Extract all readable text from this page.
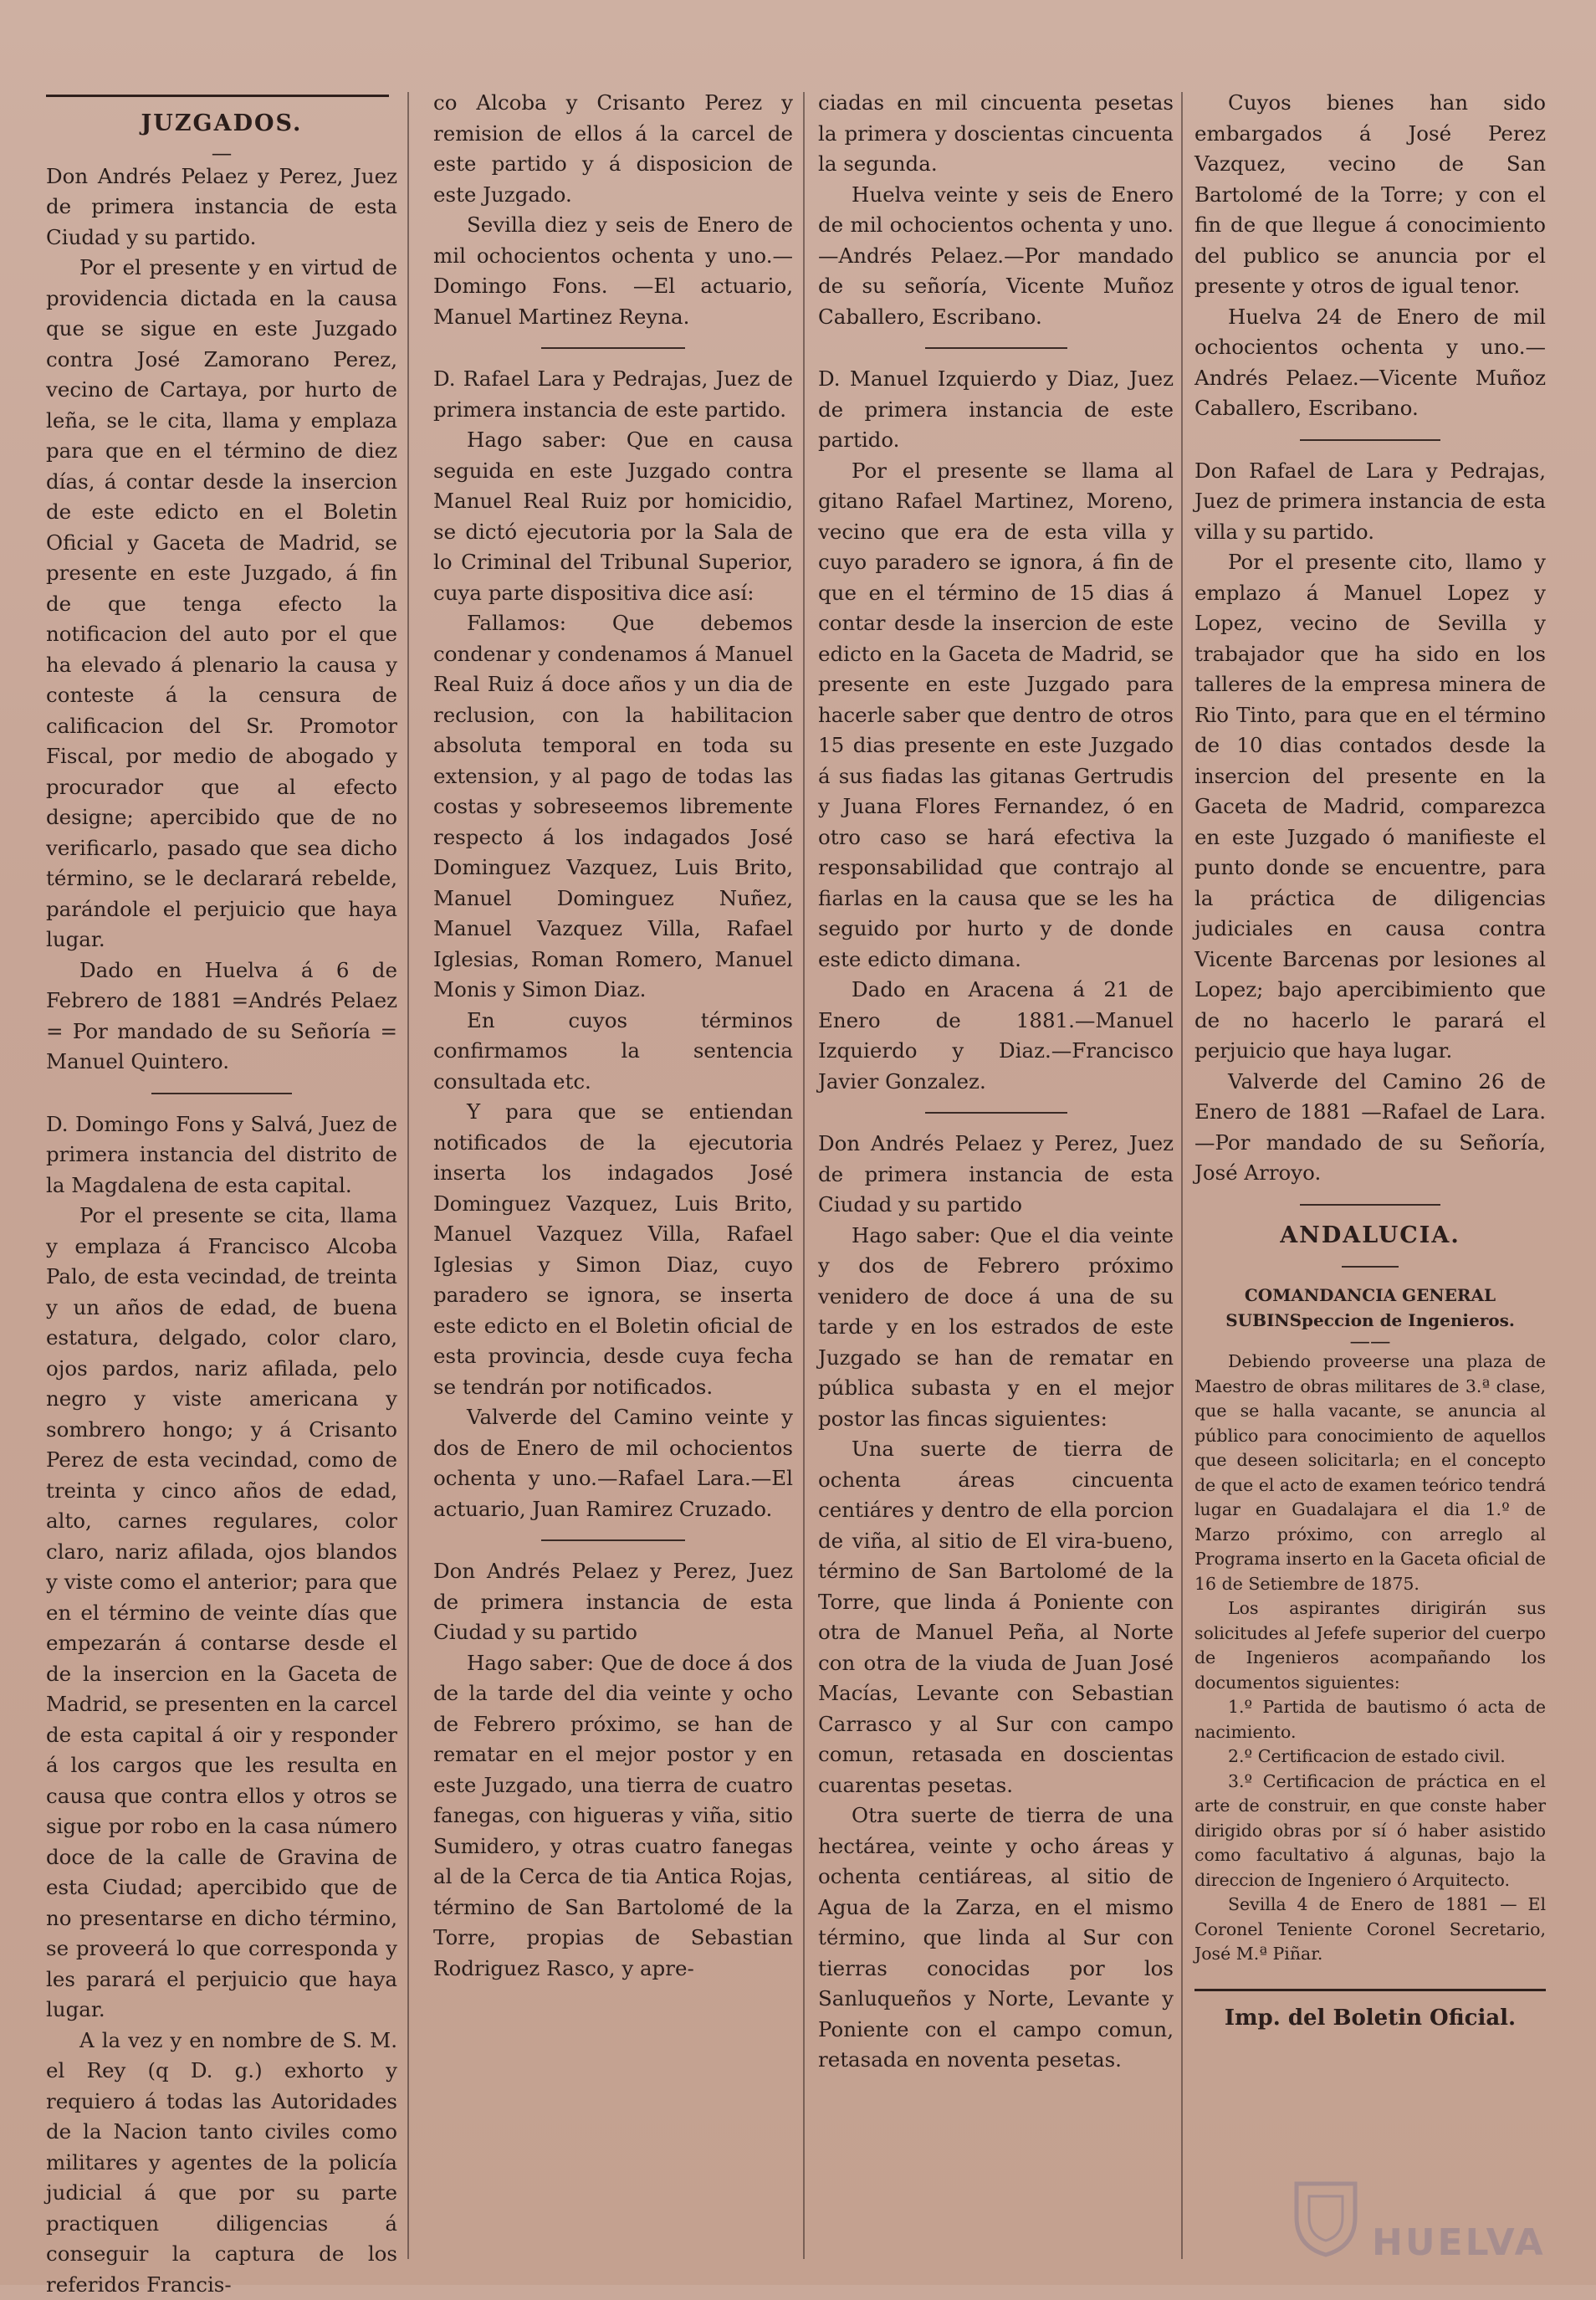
JUZGADOS.
—

Don Andrés Pelaez y Perez, Juez de primera instancia de esta Ciudad y su partido.

Por el presente y en virtud de providencia dictada en la causa que se sigue en este Juzgado contra José Zamorano Perez, vecino de Cartaya, por hurto de leña, se le cita, llama y emplaza para que en el término de diez días, á contar desde la insercion de este edicto en el Boletin Oficial y Gaceta de Madrid, se presente en este Juzgado, á fin de que tenga efecto la notificacion del auto por el que ha elevado á plenario la causa y conteste á la censura de calificacion del Sr. Promotor Fiscal, por medio de abogado y procurador que al efecto designe; apercibido que de no verificarlo, pasado que sea dicho término, se le declarará rebelde, parándole el perjuicio que haya lugar.

Dado en Huelva á 6 de Febrero de 1881 =Andrés Pelaez = Por mandado de su Señoría = Manuel Quintero.

D. Domingo Fons y Salvá, Juez de primera instancia del distrito de la Magdalena de esta capital.

Por el presente se cita, llama y emplaza á Francisco Alcoba Palo, de esta vecindad, de treinta y un años de edad, de buena estatura, delgado, color claro, ojos pardos, nariz afilada, pelo negro y viste americana y sombrero hongo; y á Crisanto Perez de esta vecindad, como de treinta y cinco años de edad, alto, carnes regulares, color claro, nariz afilada, ojos blandos y viste como el anterior; para que en el término de veinte días que empezarán á contarse desde el de la insercion en la Gaceta de Madrid, se presenten en la carcel de esta capital á oir y responder á los cargos que les resulta en causa que contra ellos y otros se sigue por robo en la casa número doce de la calle de Gravina de esta Ciudad; apercibido que de no presentarse en dicho término, se proveerá lo que corresponda y les parará el perjuicio que haya lugar.

A la vez y en nombre de S. M. el Rey (q D. g.) exhorto y requiero á todas las Autoridades de la Nacion tanto civiles como militares y agentes de la policía judicial á que por su parte practiquen diligencias á conseguir la captura de los referidos Francis-

co Alcoba y Crisanto Perez y remision de ellos á la carcel de este partido y á disposicion de este Juzgado.

Sevilla diez y seis de Enero de mil ochocientos ochenta y uno.—Domingo Fons. —El actuario, Manuel Martinez Reyna.

D. Rafael Lara y Pedrajas, Juez de primera instancia de este partido.

Hago saber: Que en causa seguida en este Juzgado contra Manuel Real Ruiz por homicidio, se dictó ejecutoria por la Sala de lo Criminal del Tribunal Superior, cuya parte dispositiva dice así:

Fallamos: Que debemos condenar y condenamos á Manuel Real Ruiz á doce años y un dia de reclusion, con la habilitacion absoluta temporal en toda su extension, y al pago de todas las costas y sobreseemos libremente respecto á los indagados José Dominguez Vazquez, Luis Brito, Manuel Dominguez Nuñez, Manuel Vazquez Villa, Rafael Iglesias, Roman Romero, Manuel Monis y Simon Diaz.

En cuyos términos confirmamos la sentencia consultada etc.

Y para que se entiendan notificados de la ejecutoria inserta los indagados José Dominguez Vazquez, Luis Brito, Manuel Vazquez Villa, Rafael Iglesias y Simon Diaz, cuyo paradero se ignora, se inserta este edicto en el Boletin oficial de esta provincia, desde cuya fecha se tendrán por notificados.

Valverde del Camino veinte y dos de Enero de mil ochocientos ochenta y uno.—Rafael Lara.—El actuario, Juan Ramirez Cruzado.

Don Andrés Pelaez y Perez, Juez de primera instancia de esta Ciudad y su partido

Hago saber: Que de doce á dos de la tarde del dia veinte y ocho de Febrero próximo, se han de rematar en el mejor postor y en este Juzgado, una tierra de cuatro fanegas, con higueras y viña, sitio Sumidero, y otras cuatro fanegas al de la Cerca de tia Antica Rojas, término de San Bartolomé de la Torre, propias de Sebastian Rodriguez Rasco, y apre-

ciadas en mil cincuenta pesetas la primera y doscientas cincuenta la segunda.

Huelva veinte y seis de Enero de mil ochocientos ochenta y uno.—Andrés Pelaez.—Por mandado de su señoría, Vicente Muñoz Caballero, Escribano.

D. Manuel Izquierdo y Diaz, Juez de primera instancia de este partido.

Por el presente se llama al gitano Rafael Martinez, Moreno, vecino que era de esta villa y cuyo paradero se ignora, á fin de que en el término de 15 dias á contar desde la insercion de este edicto en la Gaceta de Madrid, se presente en este Juzgado para hacerle saber que dentro de otros 15 dias presente en este Juzgado á sus fiadas las gitanas Gertrudis y Juana Flores Fernandez, ó en otro caso se hará efectiva la responsabilidad que contrajo al fiarlas en la causa que se les ha seguido por hurto y de donde este edicto dimana.

Dado en Aracena á 21 de Enero de 1881.—Manuel Izquierdo y Diaz.—Francisco Javier Gonzalez.

Don Andrés Pelaez y Perez, Juez de primera instancia de esta Ciudad y su partido

Hago saber: Que el dia veinte y dos de Febrero próximo venidero de doce á una de su tarde y en los estrados de este Juzgado se han de rematar en pública subasta y en el mejor postor las fincas siguientes:

Una suerte de tierra de ochenta áreas cincuenta centiáres y dentro de ella porcion de viña, al sitio de El vira-bueno, término de San Bartolomé de la Torre, que linda á Poniente con otra de Manuel Peña, al Norte con otra de la viuda de Juan José Macías, Levante con Sebastian Carrasco y al Sur con campo comun, retasada en doscientas cuarentas pesetas.

Otra suerte de tierra de una hectárea, veinte y ocho áreas y ochenta centiáreas, al sitio de Agua de la Zarza, en el mismo término, que linda al Sur con tierras conocidas por los Sanluqueños y Norte, Levante y Poniente con el campo comun, retasada en noventa pesetas.

Cuyos bienes han sido embargados á José Perez Vazquez, vecino de San Bartolomé de la Torre; y con el fin de que llegue á conocimiento del publico se anuncia por el presente y otros de igual tenor.

Huelva 24 de Enero de mil ochocientos ochenta y uno.—Andrés Pelaez.—Vicente Muñoz Caballero, Escribano.

Don Rafael de Lara y Pedrajas, Juez de primera instancia de esta villa y su partido.

Por el presente cito, llamo y emplazo á Manuel Lopez y Lopez, vecino de Sevilla y trabajador que ha sido en los talleres de la empresa minera de Rio Tinto, para que en el término de 10 dias contados desde la insercion del presente en la Gaceta de Madrid, comparezca en este Juzgado ó manifieste el punto donde se encuentre, para la práctica de diligencias judiciales en causa contra Vicente Barcenas por lesiones al Lopez; bajo apercibimiento que de no hacerlo le parará el perjuicio que haya lugar.

Valverde del Camino 26 de Enero de 1881 —Rafael de Lara.—Por mandado de su Señoría, José Arroyo.

ANDALUCIA.

COMANDANCIA GENERAL SUBINSpeccion de Ingenieros.

——

Debiendo proveerse una plaza de Maestro de obras militares de 3.ª clase, que se halla vacante, se anuncia al público para conocimiento de aquellos que deseen solicitarla; en el concepto de que el acto de examen teórico tendrá lugar en Guadalajara el dia 1.º de Marzo próximo, con arreglo al Programa inserto en la Gaceta oficial de 16 de Setiembre de 1875.

Los aspirantes dirigirán sus solicitudes al Jefefe superior del cuerpo de Ingenieros acompañando los documentos siguientes:

1.º Partida de bautismo ó acta de nacimiento.

2.º Certificacion de estado civil.

3.º Certificacion de práctica en el arte de construir, en que conste haber dirigido obras por sí ó haber asistido como facultativo á algunas, bajo la direccion de Ingeniero ó Arquitecto.

Sevilla 4 de Enero de 1881 — El Coronel Teniente Coronel Secretario, José M.ª Piñar.

Imp. del Boletin Oficial.
HUELVA
